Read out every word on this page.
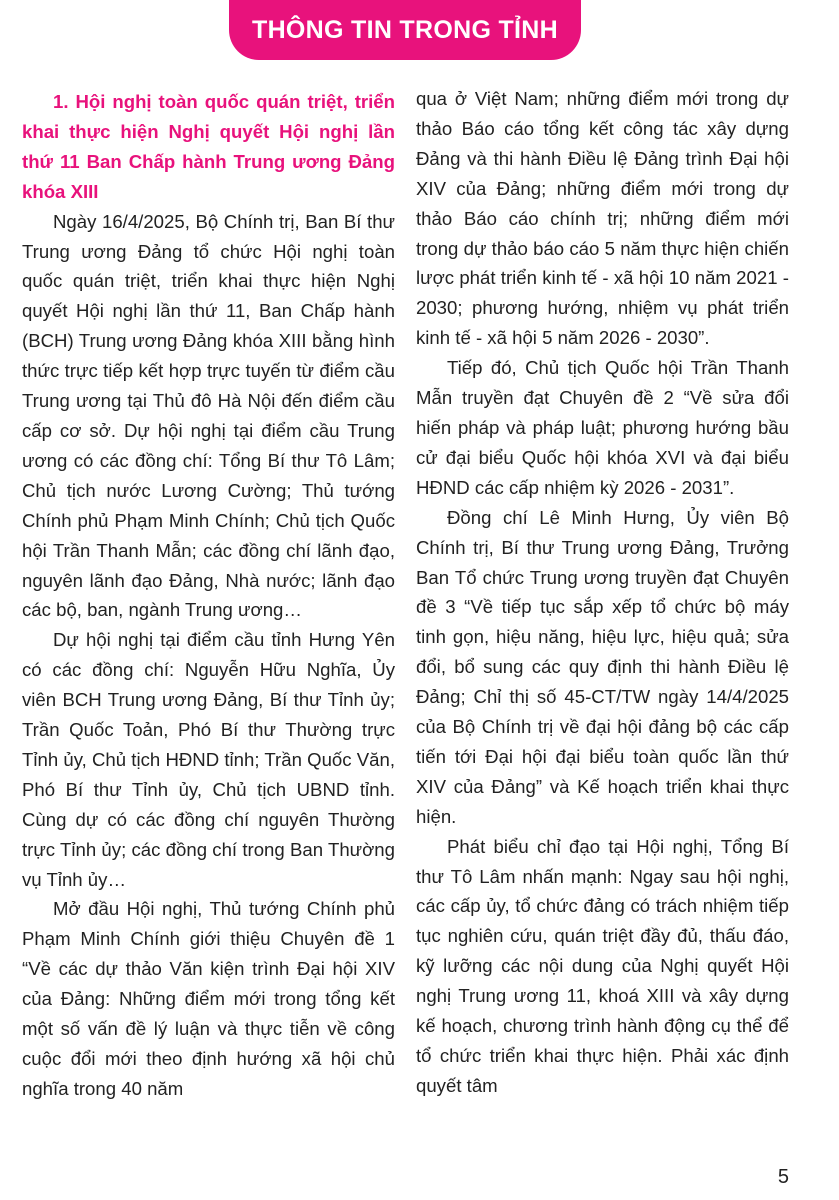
THÔNG TIN TRONG TỈNH

1. Hội nghị toàn quốc quán triệt, triển khai thực hiện Nghị quyết Hội nghị lần thứ 11 Ban Chấp hành Trung ương Đảng khóa XIII

Ngày 16/4/2025, Bộ Chính trị, Ban Bí thư Trung ương Đảng tổ chức Hội nghị toàn quốc quán triệt, triển khai thực hiện Nghị quyết Hội nghị lần thứ 11, Ban Chấp hành (BCH) Trung ương Đảng khóa XIII bằng hình thức trực tiếp kết hợp trực tuyến từ điểm cầu Trung ương tại Thủ đô Hà Nội đến điểm cầu cấp cơ sở. Dự hội nghị tại điểm cầu Trung ương có các đồng chí: Tổng Bí thư Tô Lâm; Chủ tịch nước Lương Cường; Thủ tướng Chính phủ Phạm Minh Chính; Chủ tịch Quốc hội Trần Thanh Mẫn; các đồng chí lãnh đạo, nguyên lãnh đạo Đảng, Nhà nước; lãnh đạo các bộ, ban, ngành Trung ương…

Dự hội nghị tại điểm cầu tỉnh Hưng Yên có các đồng chí: Nguyễn Hữu Nghĩa, Ủy viên BCH Trung ương Đảng, Bí thư Tỉnh ủy; Trần Quốc Toản, Phó Bí thư Thường trực Tỉnh ủy, Chủ tịch HĐND tỉnh; Trần Quốc Văn, Phó Bí thư Tỉnh ủy, Chủ tịch UBND tỉnh. Cùng dự có các đồng chí nguyên Thường trực Tỉnh ủy; các đồng chí trong Ban Thường vụ Tỉnh ủy…

Mở đầu Hội nghị, Thủ tướng Chính phủ Phạm Minh Chính giới thiệu Chuyên đề 1 “Về các dự thảo Văn kiện trình Đại hội XIV của Đảng: Những điểm mới trong tổng kết một số vấn đề lý luận và thực tiễn về công cuộc đổi mới theo định hướng xã hội chủ nghĩa trong 40 năm

qua ở Việt Nam; những điểm mới trong dự thảo Báo cáo tổng kết công tác xây dựng Đảng và thi hành Điều lệ Đảng trình Đại hội XIV của Đảng; những điểm mới trong dự thảo Báo cáo chính trị; những điểm mới trong dự thảo báo cáo 5 năm thực hiện chiến lược phát triển kinh tế - xã hội 10 năm 2021 - 2030; phương hướng, nhiệm vụ phát triển kinh tế - xã hội 5 năm 2026 - 2030”.

Tiếp đó, Chủ tịch Quốc hội Trần Thanh Mẫn truyền đạt Chuyên đề 2 “Về sửa đổi hiến pháp và pháp luật; phương hướng bầu cử đại biểu Quốc hội khóa XVI và đại biểu HĐND các cấp nhiệm kỳ 2026 - 2031”.

Đồng chí Lê Minh Hưng, Ủy viên Bộ Chính trị, Bí thư Trung ương Đảng, Trưởng Ban Tổ chức Trung ương truyền đạt Chuyên đề 3 “Về tiếp tục sắp xếp tổ chức bộ máy tinh gọn, hiệu năng, hiệu lực, hiệu quả; sửa đổi, bổ sung các quy định thi hành Điều lệ Đảng; Chỉ thị số 45-CT/TW ngày 14/4/2025 của Bộ Chính trị về đại hội đảng bộ các cấp tiến tới Đại hội đại biểu toàn quốc lần thứ XIV của Đảng” và Kế hoạch triển khai thực hiện.

Phát biểu chỉ đạo tại Hội nghị, Tổng Bí thư Tô Lâm nhấn mạnh: Ngay sau hội nghị, các cấp ủy, tổ chức đảng có trách nhiệm tiếp tục nghiên cứu, quán triệt đầy đủ, thấu đáo, kỹ lưỡng các nội dung của Nghị quyết Hội nghị Trung ương 11, khoá XIII và xây dựng kế hoạch, chương trình hành động cụ thể để tổ chức triển khai thực hiện. Phải xác định quyết tâm

5
